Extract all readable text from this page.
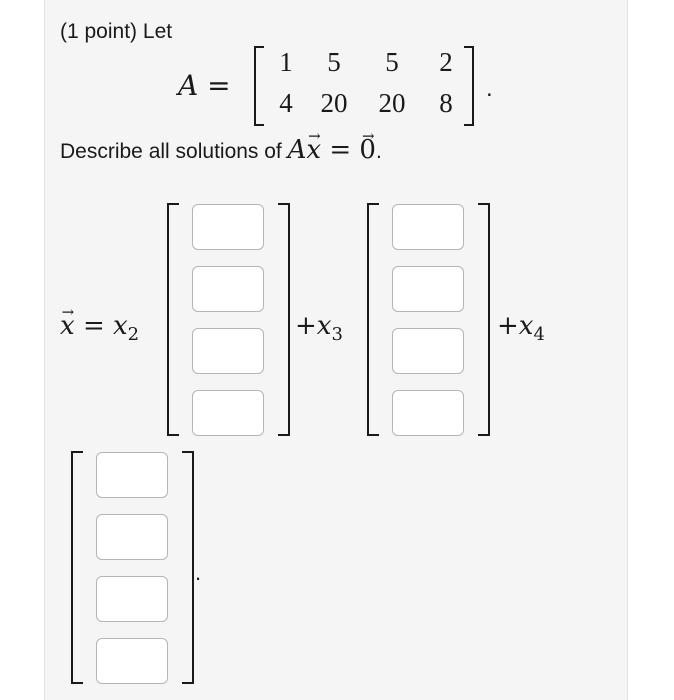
(1 point) Let
A =
1	5	5	2
4	20	20	8	.
Describe all solutions of A→ x = → 0.
→ $x = x_2$	$+x_3$	$+x_4$
.
